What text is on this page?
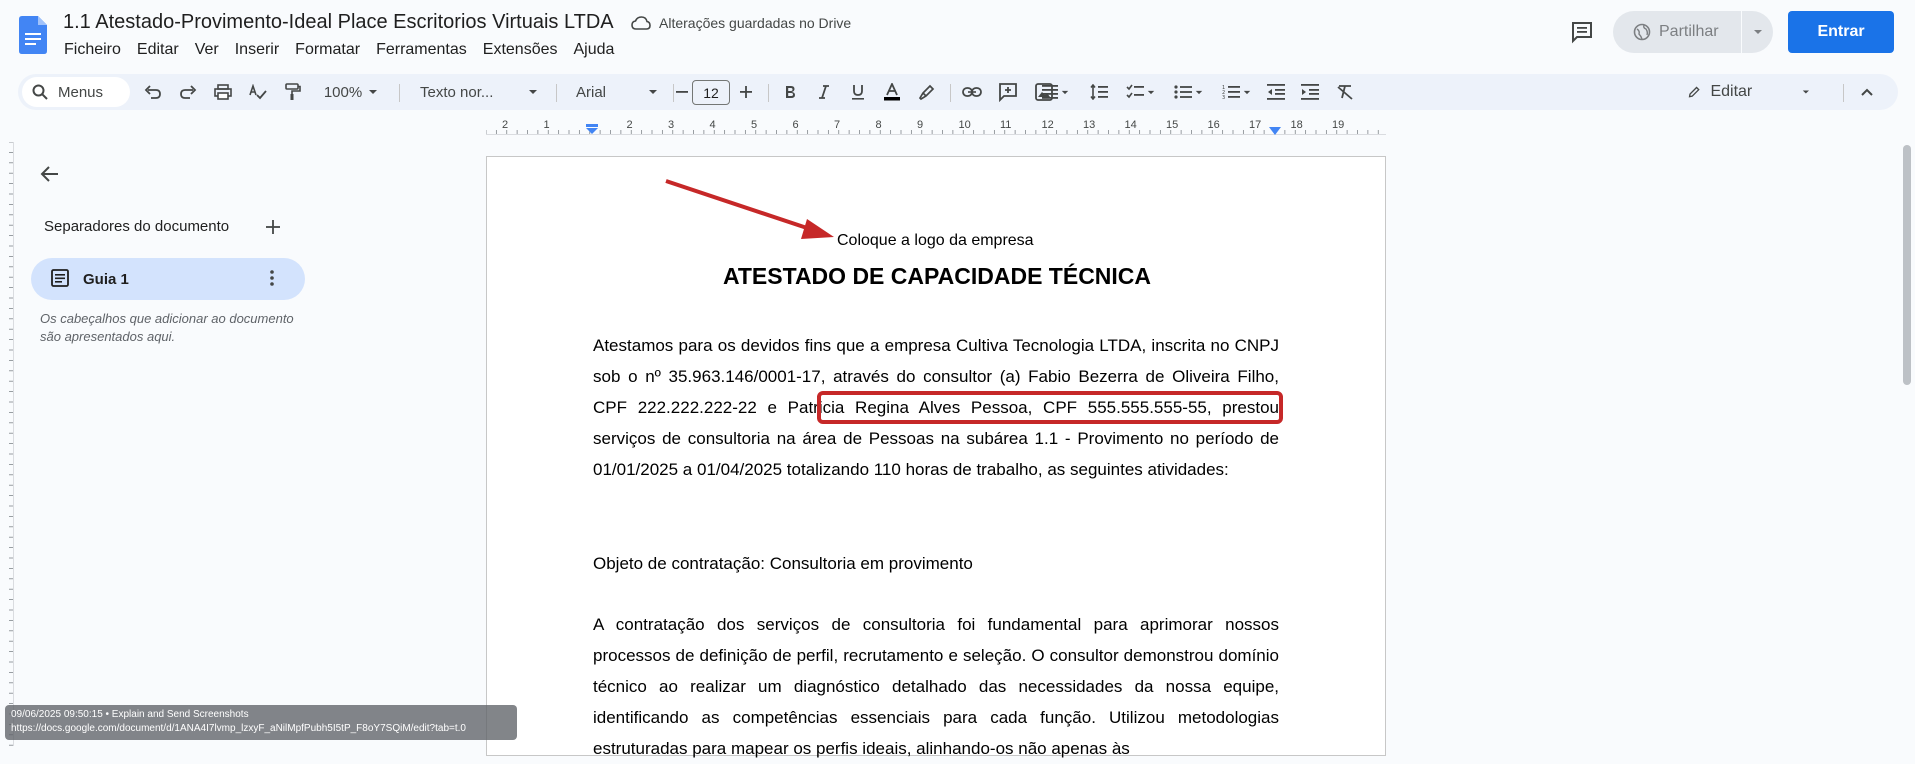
1.1 Atestado-Provimento-Ideal Place Escritorios Virtuais LTDA	Alterações guardadas no Drive
Ficheiro	Editar	Ver	Inserir	Formatar	Ferramentas	Extensões	Ajuda
Partilhar	Entrar
Menus	100%	Texto nor...	Arial	12	1
2
3	Editar
2	1	2	3	4	5	6	7	8	9	10	11	12	13	14	15	16	17	18	19
Separadores do documento
Guia 1
Os cabeçalhos que adicionar ao documento são apresentados aqui.
Coloque a logo da empresa
ATESTADO DE CAPACIDADE TÉCNICA
Atestamos para os devidos fins que a empresa Cultiva Tecnologia LTDA, inscrita no CNPJ sob o nº 35.963.146/0001-17, através do consultor (a) Fabio Bezerra de Oliveira Filho, CPF 222.222.222-22 e Patricia Regina Alves Pessoa, CPF 555.555.555-55, prestou serviços de consultoria na área de Pessoas na subárea 1.1 - Provimento no período de 01/01/2025 a 01/04/2025 totalizando 110 horas de trabalho, as seguintes atividades:
Objeto de contratação: Consultoria em provimento
A contratação dos serviços de consultoria foi fundamental para aprimorar nossos processos de definição de perfil, recrutamento e seleção. O consultor demonstrou domínio técnico ao realizar um diagnóstico detalhado das necessidades da nossa equipe, identificando as competências essenciais para cada função. Utilizou metodologias estruturadas para mapear os perfis ideais, alinhando-os não apenas às
09/06/2025 09:50:15 • Explain and Send Screenshots
https://docs.google.com/document/d/1ANA4I7lvmp_lzxyF_aNilMpfPubh5I5tP_F8oY7SQiM/edit?tab=t.0
